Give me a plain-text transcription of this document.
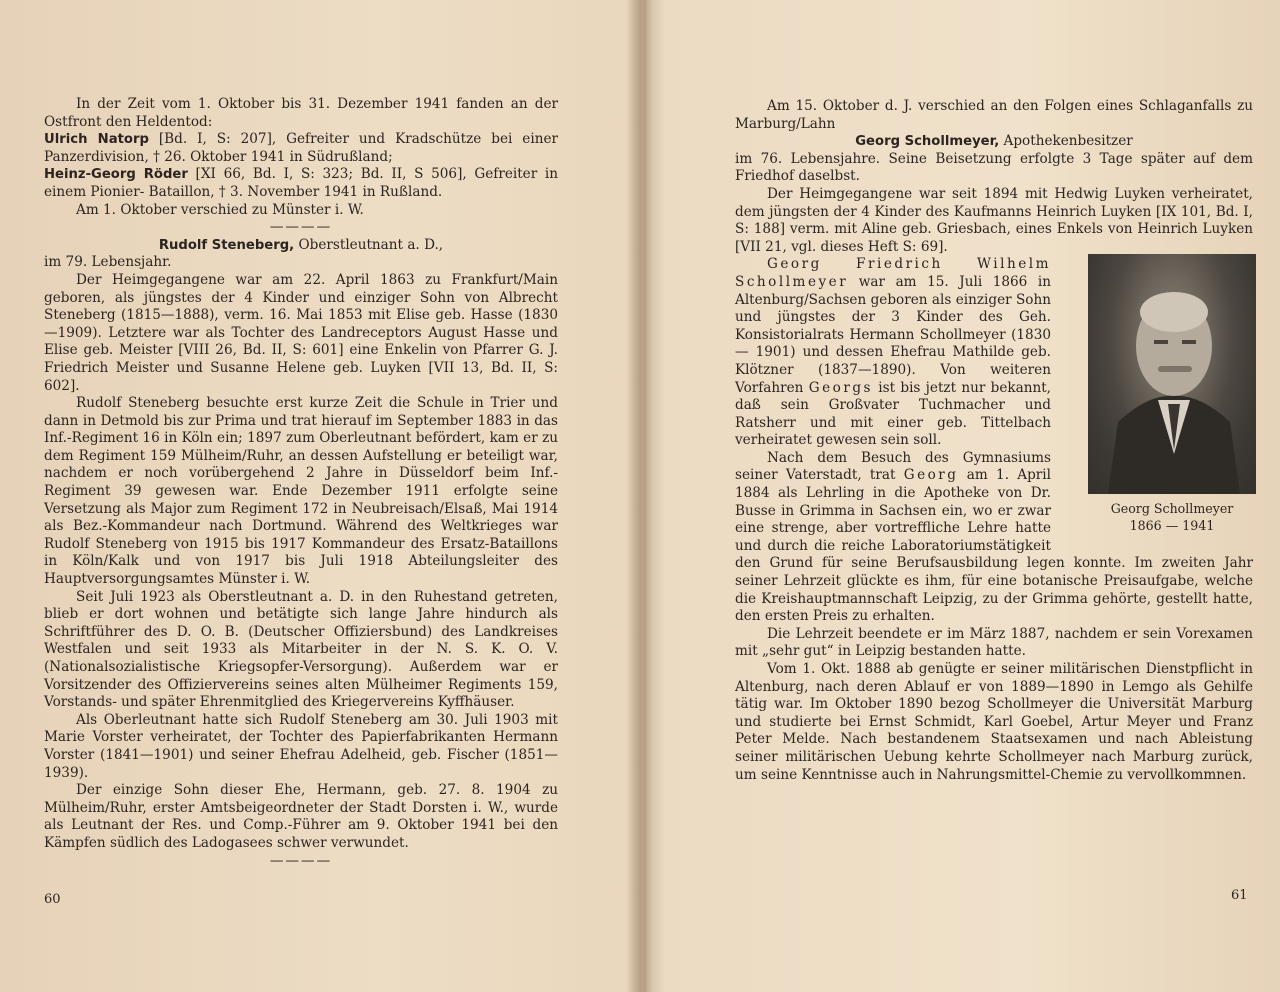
In der Zeit vom 1. Oktober bis 31. Dezember 1941 fanden an der Ostfront den Heldentod:

Ulrich Natorp [Bd. I, S: 207], Gefreiter und Kradschütze bei einer Panzerdivision, † 26. Oktober 1941 in Südrußland;

Heinz-Georg Röder [XI 66, Bd. I, S: 323; Bd. II, S 506], Gefreiter in einem Pionier- Bataillon, † 3. November 1941 in Rußland.

Am 1. Oktober verschied zu Münster i. W.

————

Rudolf Steneberg, Oberstleutnant a. D.,

im 79. Lebensjahr.

Der Heimgegangene war am 22. April 1863 zu Frankfurt/Main geboren, als jüngstes der 4 Kinder und einziger Sohn von Albrecht Steneberg (1815—1888), verm. 16. Mai 1853 mit Elise geb. Hasse (1830—1909). Letztere war als Tochter des Landreceptors August Hasse und Elise geb. Meister [VIII 26, Bd. II, S: 601] eine Enkelin von Pfarrer G. J. Friedrich Meister und Susanne Helene geb. Luyken [VII 13, Bd. II, S: 602].

Rudolf Steneberg besuchte erst kurze Zeit die Schule in Trier und dann in Detmold bis zur Prima und trat hierauf im September 1883 in das Inf.-Regiment 16 in Köln ein; 1897 zum Oberleutnant befördert, kam er zu dem Regiment 159 Mülheim/Ruhr, an dessen Aufstellung er beteiligt war, nachdem er noch vorübergehend 2 Jahre in Düsseldorf beim Inf.-Regiment 39 gewesen war. Ende Dezember 1911 erfolgte seine Versetzung als Major zum Regiment 172 in Neubreisach/Elsaß, Mai 1914 als Bez.-Kommandeur nach Dortmund. Während des Weltkrieges war Rudolf Steneberg von 1915 bis 1917 Kommandeur des Ersatz-Bataillons in Köln/Kalk und von 1917 bis Juli 1918 Abteilungsleiter des Hauptversorgungsamtes Münster i. W.

Seit Juli 1923 als Oberstleutnant a. D. in den Ruhestand getreten, blieb er dort wohnen und betätigte sich lange Jahre hindurch als Schriftführer des D. O. B. (Deutscher Offiziersbund) des Landkreises Westfalen und seit 1933 als Mitarbeiter in der N. S. K. O. V. (Nationalsozialistische Kriegsopfer-Versorgung). Außerdem war er Vorsitzender des Offiziervereins seines alten Mülheimer Regiments 159, Vorstands- und später Ehrenmitglied des Kriegervereins Kyffhäuser.

Als Oberleutnant hatte sich Rudolf Steneberg am 30. Juli 1903 mit Marie Vorster verheiratet, der Tochter des Papierfabrikanten Hermann Vorster (1841—1901) und seiner Ehefrau Adelheid, geb. Fischer (1851—1939).

Der einzige Sohn dieser Ehe, Hermann, geb. 27. 8. 1904 zu Mülheim/Ruhr, erster Amtsbeigeordneter der Stadt Dorsten i. W., wurde als Leutnant der Res. und Comp.-Führer am 9. Oktober 1941 bei den Kämpfen südlich des Ladogasees schwer verwundet.

————

60

Am 15. Oktober d. J. verschied an den Folgen eines Schlaganfalls zu Marburg/Lahn

Georg Schollmeyer, Apothekenbesitzer

im 76. Lebensjahre. Seine Beisetzung erfolgte 3 Tage später auf dem Friedhof daselbst.

Der Heimgegangene war seit 1894 mit Hedwig Luyken verheiratet, dem jüngsten der 4 Kinder des Kaufmanns Heinrich Luyken [IX 101, Bd. I, S: 188] verm. mit Aline geb. Griesbach, eines Enkels von Heinrich Luyken [VII 21, vgl. dieses Heft S: 69].

Georg Schollmeyer
1866 — 1941

Georg Friedrich Wilhelm Schollmeyer war am 15. Juli 1866 in Altenburg/Sachsen geboren als einziger Sohn und jüngstes der 3 Kinder des Geh. Konsistorialrats Hermann Schollmeyer (1830 — 1901) und dessen Ehefrau Mathilde geb. Klötzner (1837—1890). Von weiteren Vorfahren Georgs ist bis jetzt nur bekannt, daß sein Großvater Tuchmacher und Ratsherr und mit einer geb. Tittelbach verheiratet gewesen sein soll.

Nach dem Besuch des Gymnasiums seiner Vaterstadt, trat Georg am 1. April 1884 als Lehrling in die Apotheke von Dr. Busse in Grimma in Sachsen ein, wo er zwar eine strenge, aber vortreffliche Lehre hatte und durch die reiche Laboratoriumstätigkeit den Grund für seine Berufsausbildung legen konnte. Im zweiten Jahr seiner Lehrzeit glückte es ihm, für eine botanische Preisaufgabe, welche die Kreishauptmannschaft Leipzig, zu der Grimma gehörte, gestellt hatte, den ersten Preis zu erhalten.

Die Lehrzeit beendete er im März 1887, nachdem er sein Vorexamen mit „sehr gut“ in Leipzig bestanden hatte.

Vom 1. Okt. 1888 ab genügte er seiner militärischen Dienstpflicht in Altenburg, nach deren Ablauf er von 1889—1890 in Lemgo als Gehilfe tätig war. Im Oktober 1890 bezog Schollmeyer die Universität Marburg und studierte bei Ernst Schmidt, Karl Goebel, Artur Meyer und Franz Peter Melde. Nach bestandenem Staatsexamen und nach Ableistung seiner militärischen Uebung kehrte Schollmeyer nach Marburg zurück, um seine Kenntnisse auch in Nahrungsmittel-Chemie zu vervollkommnen.

61
